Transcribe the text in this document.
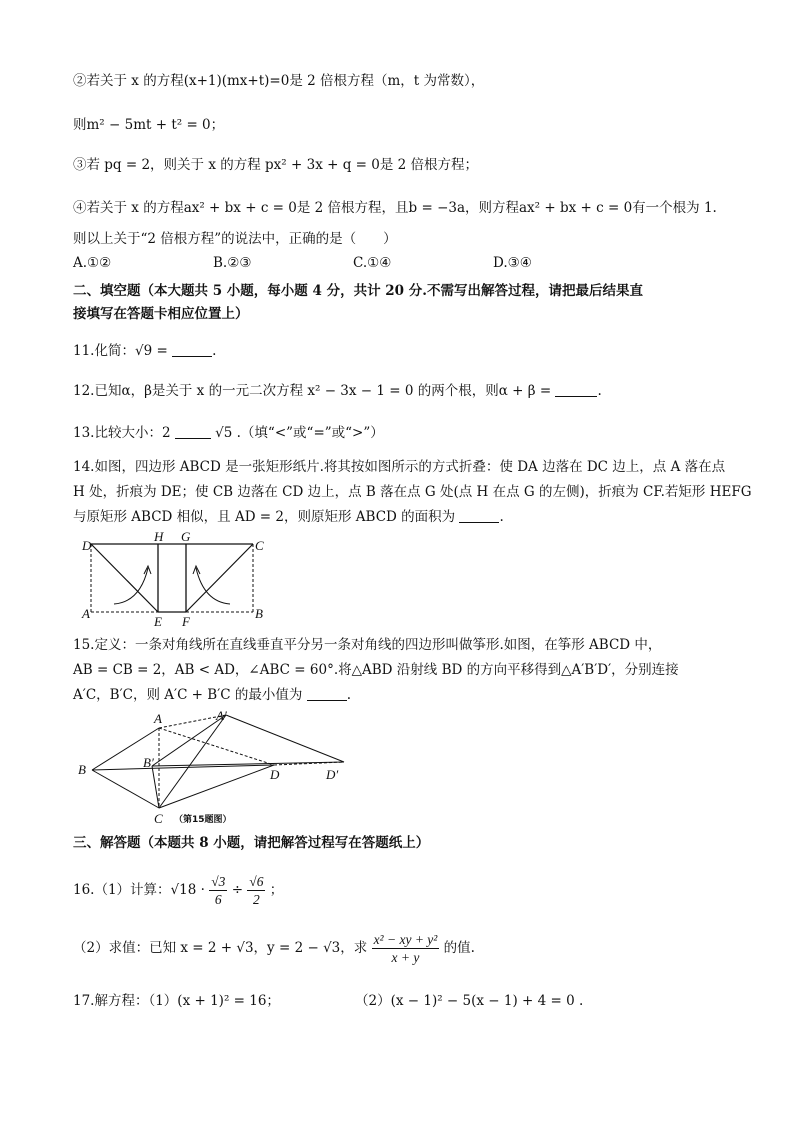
②若关于 x 的方程(x+1)(mx+t)=0是 2 倍根方程（m，t 为常数），
则m² − 5mt + t² = 0；
③若 pq = 2，则关于 x 的方程 px² + 3x + q = 0是 2 倍根方程；
④若关于 x 的方程ax² + bx + c = 0是 2 倍根方程，且b = −3a，则方程ax² + bx + c = 0有一个根为 1.
则以上关于“2 倍根方程”的说法中，正确的是（　　）
A.①②	B.②③	C.①④	D.③④
二、填空题（本大题共 5 小题，每小题 4 分，共计 20 分.不需写出解答过程，请把最后结果直
接填写在答题卡相应位置上）
11.化简：√9 =	.
12.已知α，β是关于 x 的一元二次方程 x² − 3x − 1 = 0 的两个根，则α + β =	.
13.比较大小：2	√5 .（填“<”或“=”或“>”）
14.如图，四边形 ABCD 是一张矩形纸片.将其按如图所示的方式折叠：使 DA 边落在 DC 边上，点 A 落在点
H 处，折痕为 DE；使 CB 边落在 CD 边上，点 B 落在点 G 处(点 H 在点 G 的左侧)，折痕为 CF.若矩形 HEFG
与原矩形 ABCD 相似，且 AD = 2，则原矩形 ABCD 的面积为	.
D
H G
C
A
E F
B
15.定义：一条对角线所在直线垂直平分另一条对角线的四边形叫做筝形.如图，在筝形 ABCD 中，
AB = CB = 2，AB < AD，∠ABC = 60°.将△ABD 沿射线 BD 的方向平移得到△A′B′D′，分别连接
A′C，B′C，则 A′C + B′C 的最小值为	.
A	A′
B	B′
D	D′
C （第15题图）
三、解答题（本题共 8 小题，请把解答过程写在答题纸上）
16.（1）计算：$√18 \cdot \frac{√3}{6} \div \frac{√6}{2}$ ；
（2）求值：已知 x = 2 + √3，y = 2 − √3，求 $\frac{\text{x² − xy + y²}}{x + y}$ 的值.
17.解方程：（1）(x + 1)² = 16；	（2）(x − 1)² − 5(x − 1) + 4 = 0 .
